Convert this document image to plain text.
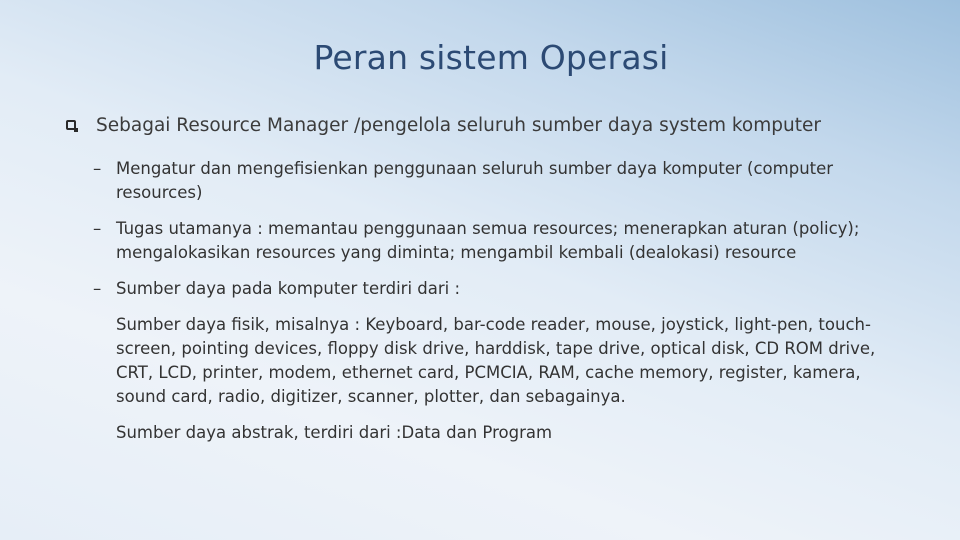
Peran sistem Operasi
Sebagai Resource Manager /pengelola seluruh sumber daya system komputer
– Mengatur dan mengefisienkan penggunaan seluruh sumber daya komputer (computer resources)
– Tugas utamanya : memantau penggunaan semua resources; menerapkan aturan (policy); mengalokasikan resources yang diminta; mengambil kembali (dealokasi) resource
– Sumber daya pada komputer terdiri dari :
Sumber daya fisik, misalnya : Keyboard, bar-code reader, mouse, joystick, light-pen, touch-screen, pointing devices, floppy disk drive, harddisk, tape drive, optical disk, CD ROM drive, CRT, LCD, printer, modem, ethernet card, PCMCIA, RAM, cache memory, register, kamera, sound card, radio, digitizer, scanner, plotter, dan sebagainya.
Sumber daya abstrak, terdiri dari :Data dan Program
